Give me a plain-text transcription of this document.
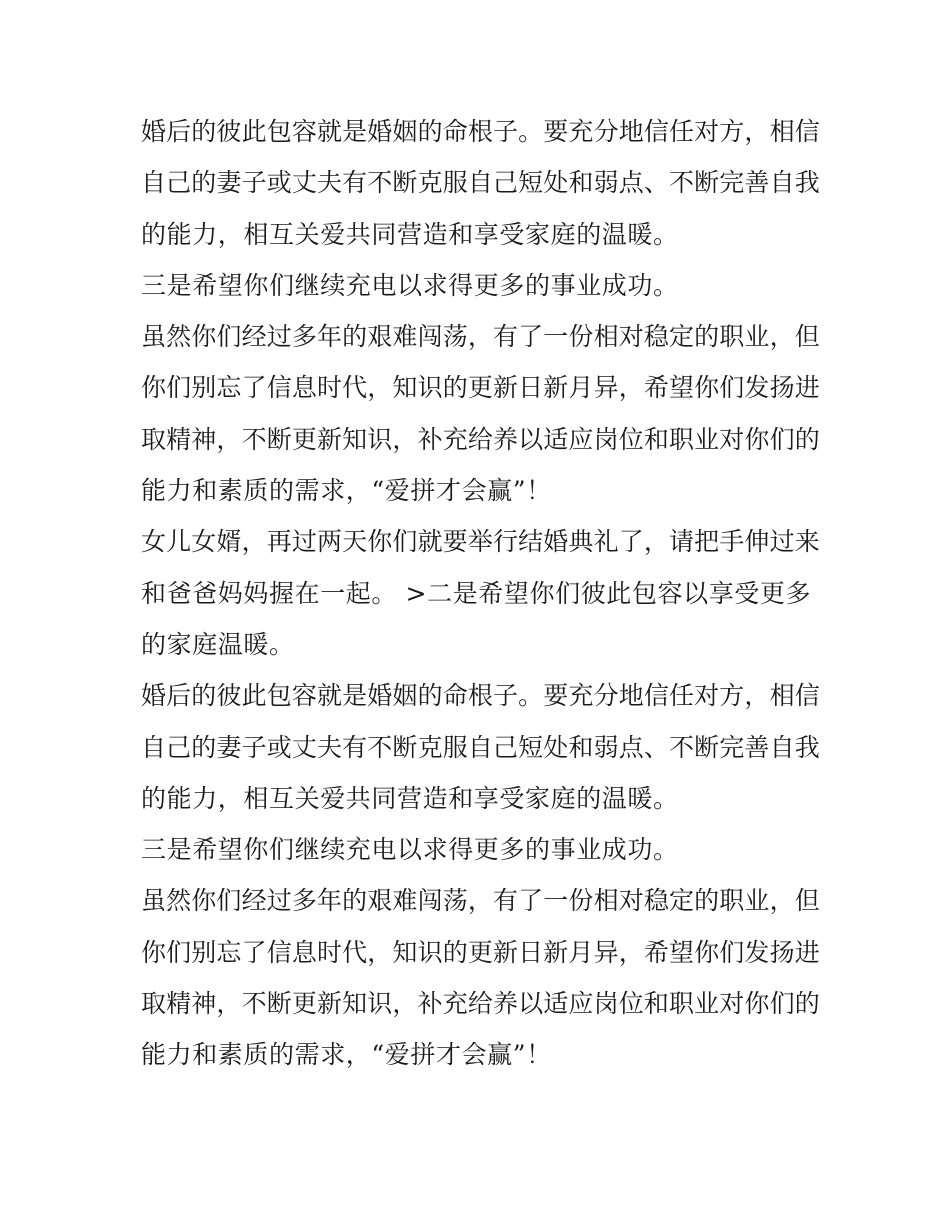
婚后的彼此包容就是婚姻的命根子。要充分地信任对方，相信
自己的妻子或丈夫有不断克服自己短处和弱点、不断完善自我
的能力，相互关爱共同营造和享受家庭的温暖。
三是希望你们继续充电以求得更多的事业成功。
虽然你们经过多年的艰难闯荡，有了一份相对稳定的职业，但
你们别忘了信息时代，知识的更新日新月异，希望你们发扬进
取精神，不断更新知识，补充给养以适应岗位和职业对你们的
能力和素质的需求，“爱拼才会赢”！
女儿女婿，再过两天你们就要举行结婚典礼了，请把手伸过来
和爸爸妈妈握在一起。 >二是希望你们彼此包容以享受更多
的家庭温暖。
婚后的彼此包容就是婚姻的命根子。要充分地信任对方，相信
自己的妻子或丈夫有不断克服自己短处和弱点、不断完善自我
的能力，相互关爱共同营造和享受家庭的温暖。
三是希望你们继续充电以求得更多的事业成功。
虽然你们经过多年的艰难闯荡，有了一份相对稳定的职业，但
你们别忘了信息时代，知识的更新日新月异，希望你们发扬进
取精神，不断更新知识，补充给养以适应岗位和职业对你们的
能力和素质的需求，“爱拼才会赢”！
